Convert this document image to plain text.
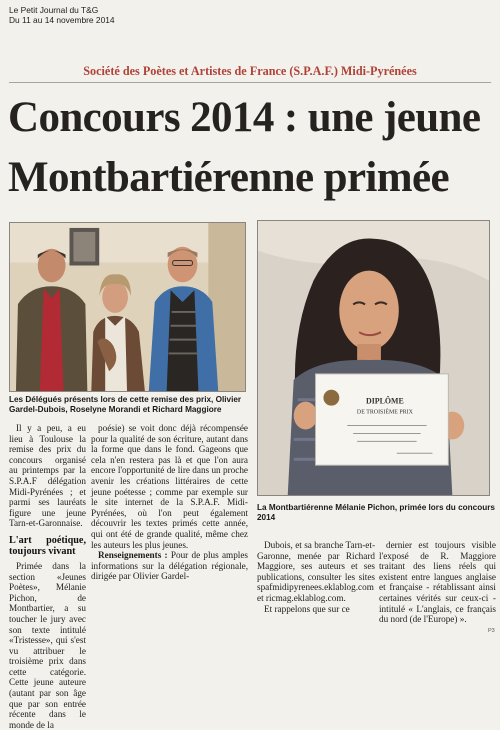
Le Petit Journal du T&G
Du 11 au 14 novembre 2014
Société des Poètes et Artistes de France (S.P.A.F.) Midi-Pyrénées
Concours 2014 : une jeune
Montbartiérenne primée
Les Délégués présents lors de cette remise des prix, Olivier Gardel-Dubois, Roselyne Morandi et Richard Maggiore
DIPLÔME
DE TROISIÈME PRIX
La Montbartiérenne Mélanie Pichon, primée lors du concours 2014

Il y a peu, a eu lieu à Toulouse la remise des prix du concours organisé au printemps par la S.P.A.F délégation Midi-Pyrénées ; et parmi ses lauréats figure une jeune Tarn-et-Garonnaise.

L'art poétique, toujours vivant

Primée dans la section «Jeunes Poètes», Mélanie Pichon, de Montbartier, a su toucher le jury avec son texte intitulé «Tristesse», qui s'est vu attribuer le troisième prix dans cette catégorie. Cette jeune auteure (autant par son âge que par son entrée récente dans le monde de la

poésie) se voit donc déjà récompensée pour la qualité de son écriture, autant dans la forme que dans le fond. Gageons que cela n'en restera pas là et que l'on aura encore l'opportunité de lire dans un proche avenir les créations littéraires de cette jeune poétesse ; comme par exemple sur le site internet de la S.P.A.F. Midi-Pyrénées, où l'on peut également découvrir les textes primés cette année, qui ont été de grande qualité, même chez les auteurs les plus jeunes.

Renseignements : Pour de plus amples informations sur la délégation régionale, dirigée par Olivier Gardel-

Dubois, et sa branche Tarn-et-Garonne, menée par Richard Maggiore, ses auteurs et ses publications, consulter les sites spafmidipyrenees.eklablog.com et ricmag.eklablog.com.

Et rappelons que sur ce

dernier est toujours visible l'exposé de R. Maggiore traitant des liens réels qui existent entre langues anglaise et française - rétablissant ainsi certaines vérités sur ceux-ci - intitulé « L'anglais, ce français du nord (de l'Europe) ».

P3
